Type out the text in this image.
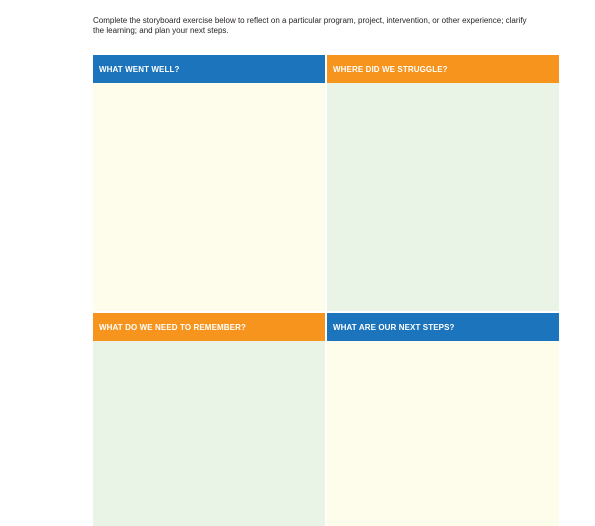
Complete the storyboard exercise below to reflect on a particular program, project, intervention, or other experience; clarify the learning; and plan your next steps.

WHAT WENT WELL?	WHERE DID WE STRUGGLE?
WHAT DO WE NEED TO REMEMBER?	WHAT ARE OUR NEXT STEPS?
